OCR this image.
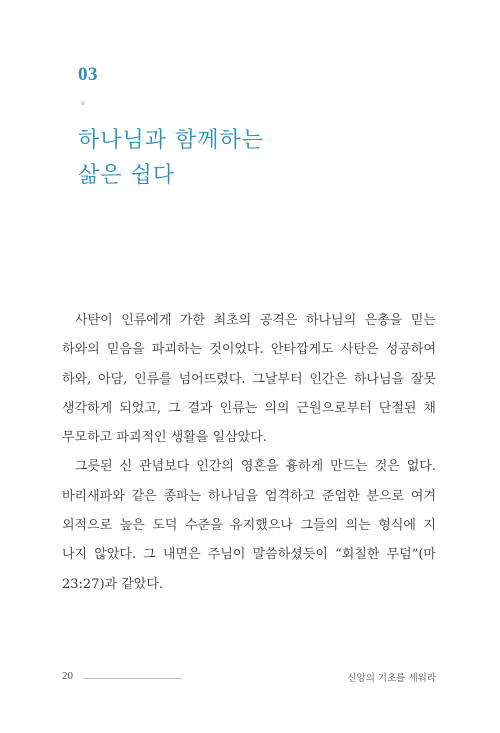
03
하나님과 함께하는
삶은 쉽다
사탄이 인류에게 가한 최초의 공격은 하나님의 은총을 믿는
하와의 믿음을 파괴하는 것이었다. 안타깝게도 사탄은 성공하여
하와, 아담, 인류를 넘어뜨렸다. 그날부터 인간은 하나님을 잘못
생각하게 되었고, 그 결과 인류는 의의 근원으로부터 단절된 채
무모하고 파괴적인 생활을 일삼았다.
그릇된 신 관념보다 인간의 영혼을 흉하게 만드는 것은 없다.
바리새파와 같은 종파는 하나님을 엄격하고 준엄한 분으로 여겨
외적으로 높은 도덕 수준을 유지했으나 그들의 의는 형식에 지
나지 않았다. 그 내면은 주님이 말씀하셨듯이 “회칠한 무덤”(마
23:27)과 같았다.
20	신앙의 기초를 세워라
